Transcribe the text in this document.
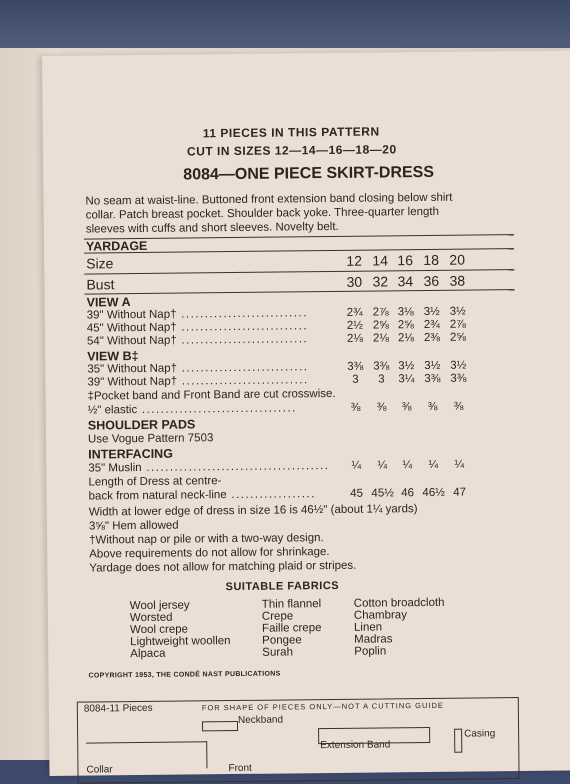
11 PIECES IN THIS PATTERN
CUT IN SIZES 12—14—16—18—20
8084—ONE PIECE SKIRT-DRESS
No seam at waist-line. Buttoned front extension band closing below shirt
collar. Patch breast pocket. Shoulder back yoke. Three-quarter length
sleeves with cuffs and short sleeves. Novelty belt.
YARDAGE
Size	12 14 16 18 20
Bust	30 32 34 36 38
VIEW A
39" Without Nap† ...........................	2¾ 2⅞ 3⅛ 3½ 3½
45" Without Nap† ...........................	2½ 2⅝ 2⅝ 2¾ 2⅞
54" Without Nap† ...........................	2⅛ 2⅛ 2⅛ 2⅜ 2⅝
VIEW B‡
35" Without Nap† ...........................	3⅜ 3⅜ 3½ 3½ 3½
39" Without Nap† ...........................	3	3	3¼ 3⅜ 3⅜
‡Pocket band and Front Band are cut crosswise.
½" elastic .................................	⅜	⅜	⅜	⅜	⅜
SHOULDER PADS
Use Vogue Pattern 7503
INTERFACING
35" Muslin .......................................	¼	¼	¼	¼	¼
Length of Dress at centre-
back from natural neck-line ..................	45 45½ 46 46½ 47
Width at lower edge of dress in size 16 is 46½" (about 1¼ yards)
3⅝" Hem allowed
†Without nap or pile or with a two-way design.
Above requirements do not allow for shrinkage.
Yardage does not allow for matching plaid or stripes.
SUITABLE FABRICS
Wool jersey
Worsted
Wool crepe
Lightweight woollen
Alpaca
Thin flannel
Crepe
Faille crepe
Pongee
Surah
Cotton broadcloth
Chambray
Linen
Madras
Poplin
COPYRIGHT 1953, THE CONDÉ NAST PUBLICATIONS
8084-11 Pieces	FOR SHAPE OF PIECES ONLY—NOT A CUTTING GUIDE
Neckband
Extension Band
Casing
Collar	Front
